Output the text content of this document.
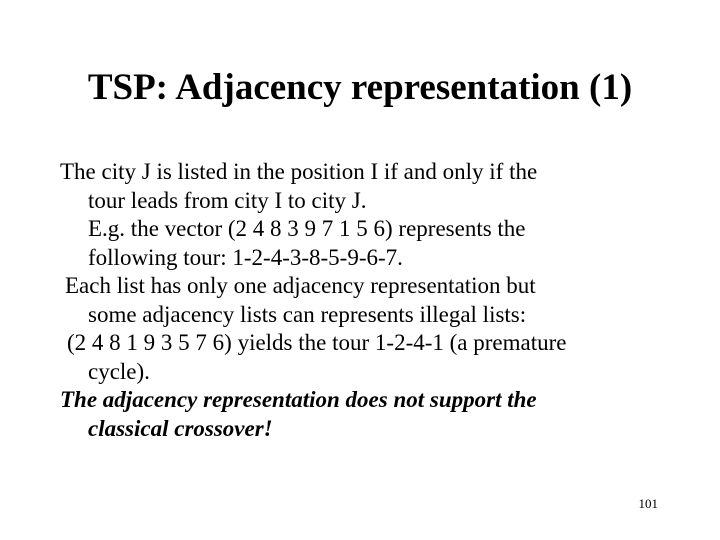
TSP: Adjacency representation (1)

The city J is listed in the position I if and only if the
tour leads from city I to city J.

E.g. the vector (2 4 8 3 9 7 1 5 6) represents the
following tour: 1-2-4-3-8-5-9-6-7.

Each list has only one adjacency representation but
some adjacency lists can represents illegal lists:

(2 4 8 1 9 3 5 7 6) yields the tour 1-2-4-1 (a premature
cycle).

The adjacency representation does not support the
classical crossover!

101
